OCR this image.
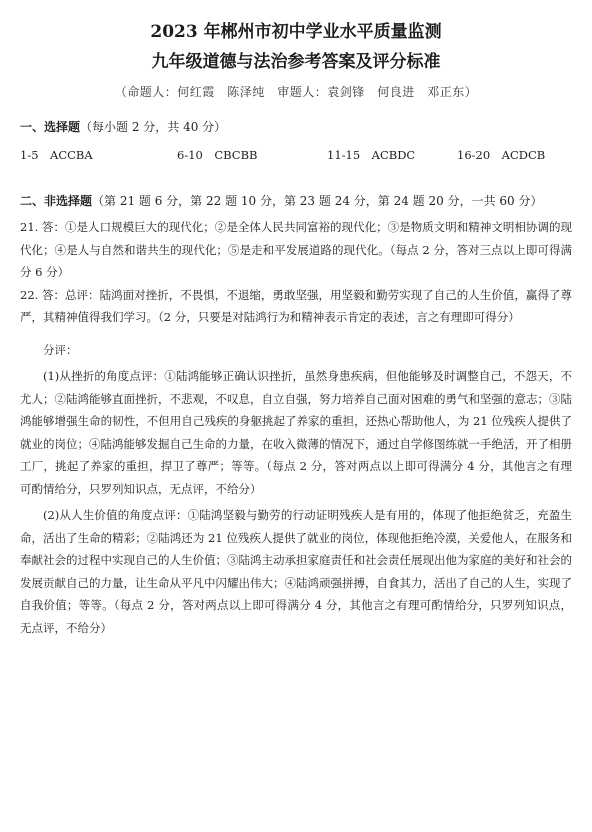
2023 年郴州市初中学业水平质量监测
九年级道德与法治参考答案及评分标准
（命题人：何红霞　陈泽纯　审题人：袁剑锋　何良进　邓正东）
一、选择题（每小题 2 分，共 40 分）
1-5　ACCBA	6-10　CBCBB	11-15　ACBDC	16-20　ACDCB
二、非选择题（第 21 题 6 分，第 22 题 10 分，第 23 题 24 分，第 24 题 20 分，一共 60 分）

21. 答：①是人口规模巨大的现代化；②是全体人民共同富裕的现代化；③是物质文明和精神文明相协调的现代化；④是人与自然和谐共生的现代化；⑤是走和平发展道路的现代化。（每点 2 分，答对三点以上即可得满分 6 分）

22. 答：总评：陆鸿面对挫折，不畏惧，不退缩，勇敢坚强，用坚毅和勤劳实现了自己的人生价值，赢得了尊严，其精神值得我们学习。（2 分，只要是对陆鸿行为和精神表示肯定的表述，言之有理即可得分）

分评：

(1)从挫折的角度点评：①陆鸿能够正确认识挫折，虽然身患疾病，但他能够及时调整自己，不怨天，不尤人；②陆鸿能够直面挫折，不悲观，不叹息，自立自强，努力培养自己面对困难的勇气和坚强的意志；③陆鸿能够增强生命的韧性，不但用自己残疾的身躯挑起了养家的重担，还热心帮助他人，为 21 位残疾人提供了就业的岗位；④陆鸿能够发掘自己生命的力量，在收入微薄的情况下，通过自学修图练就一手绝活，开了相册工厂，挑起了养家的重担，捍卫了尊严；等等。（每点 2 分，答对两点以上即可得满分 4 分，其他言之有理可酌情给分，只罗列知识点，无点评，不给分）

(2)从人生价值的角度点评：①陆鸿坚毅与勤劳的行动证明残疾人是有用的，体现了他拒绝贫乏，充盈生命，活出了生命的精彩；②陆鸿还为 21 位残疾人提供了就业的岗位，体现他拒绝冷漠，关爱他人，在服务和奉献社会的过程中实现自己的人生价值；③陆鸿主动承担家庭责任和社会责任展现出他为家庭的美好和社会的发展贡献自己的力量，让生命从平凡中闪耀出伟大；④陆鸿顽强拼搏，自食其力，活出了自己的人生，实现了自我价值；等等。（每点 2 分，答对两点以上即可得满分 4 分，其他言之有理可酌情给分，只罗列知识点，无点评，不给分）
